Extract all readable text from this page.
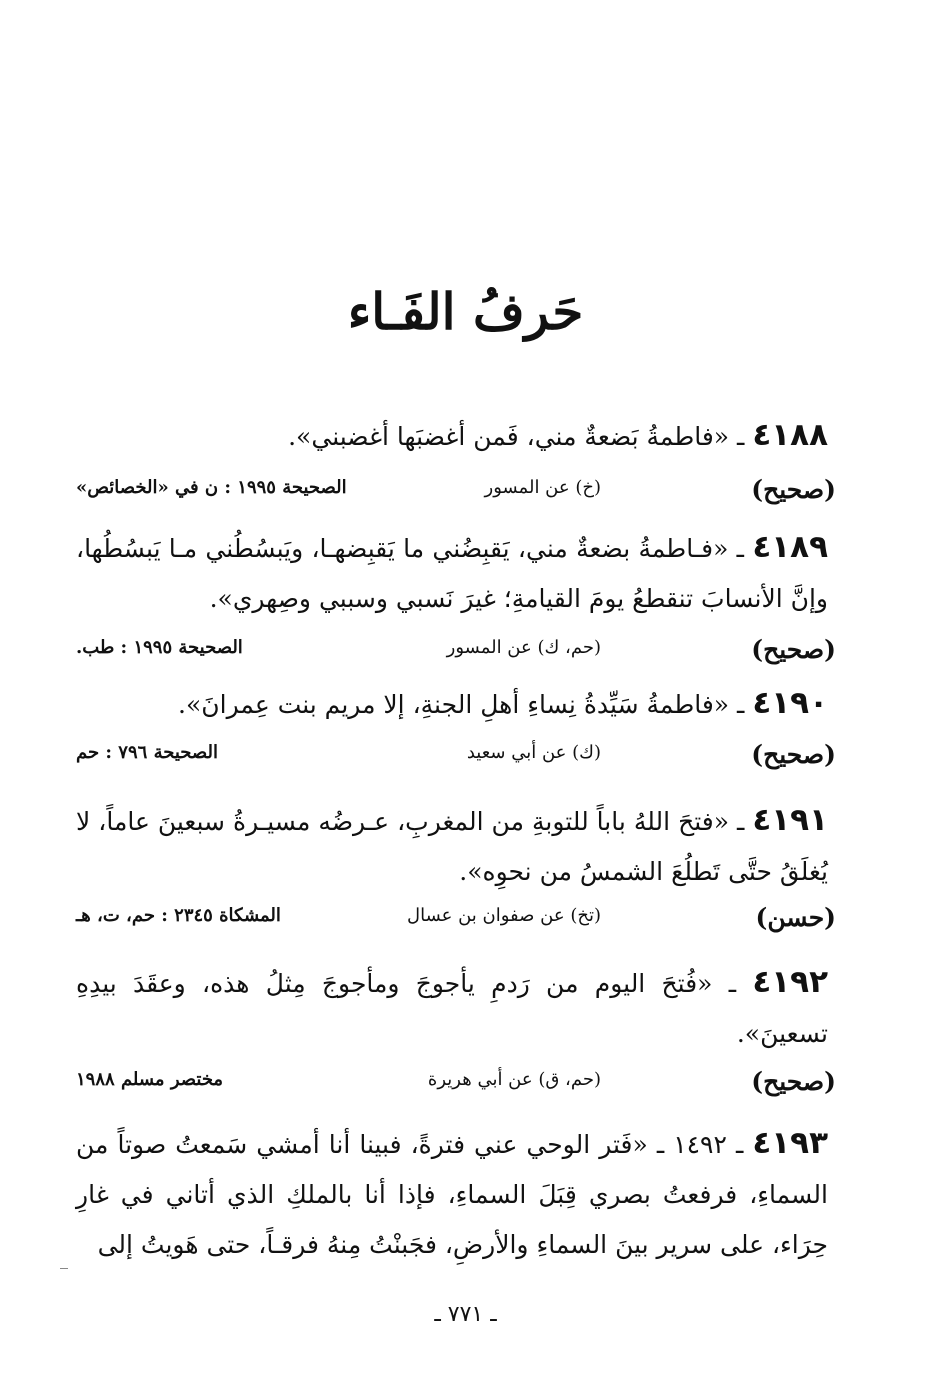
حَرفُ الفَـاء
٤١٨٨ ـ «فاطمةُ بَضعةٌ مني، فَمن أغضبَها أغضبني».
(صحيح)
(خ) عن المسور
الصحيحة ١٩٩٥ : ن في «الخصائص»
٤١٨٩ ـ «فـاطمةُ بضعةٌ مني، يَقبِضُني ما يَقبِضهـا، ويَبسُطُني مـا يَبسُطُها، وإنَّ الأنسابَ تنقطعُ يومَ القيامةِ؛ غيرَ نَسبي وسببي وصِهري».
(صحيح)
(حم، ك) عن المسور
الصحيحة ١٩٩٥ : طب.
٤١٩٠ ـ «فاطمةُ سَيِّدةُ نِساءِ أهلِ الجنةِ، إلا مريم بنت عِمرانَ».
(صحيح)
(ك) عن أبي سعيد
الصحيحة ٧٩٦ : حم
٤١٩١ ـ «فتحَ اللهُ باباً للتوبةِ من المغربِ، عـرضُه مسيـرةُ سبعينَ عاماً، لا يُغلَقُ حتَّى تَطلُعَ الشمسُ من نحوِه».
(حسن)
(تخ) عن صفوان بن عسال
المشكاة ٢٣٤٥ : حم، ت، هـ
٤١٩٢ ـ «فُتحَ اليوم من رَدمِ يأجوجَ ومأجوجَ مِثلُ هذه، وعقَدَ بيدِهِ تسعينَ».
(صحيح)
(حم، ق) عن أبي هريرة
مختصر مسلم ١٩٨٨
٤١٩٣ ـ ١٤٩٢ ـ «فَتر الوحي عني فترةً، فبينا أنا أمشي سَمعتُ صوتاً من السماءِ، فرفعتُ بصري قِبَلَ السماءِ، فإذا أنا بالملكِ الذي أتاني في غارِ حِرَاء، على سرير بينَ السماءِ والأرضِ، فجَبنْتُ مِنهُ فرقـاً، حتى هَويتُ إلى
ـ ٧٧١ ـ
